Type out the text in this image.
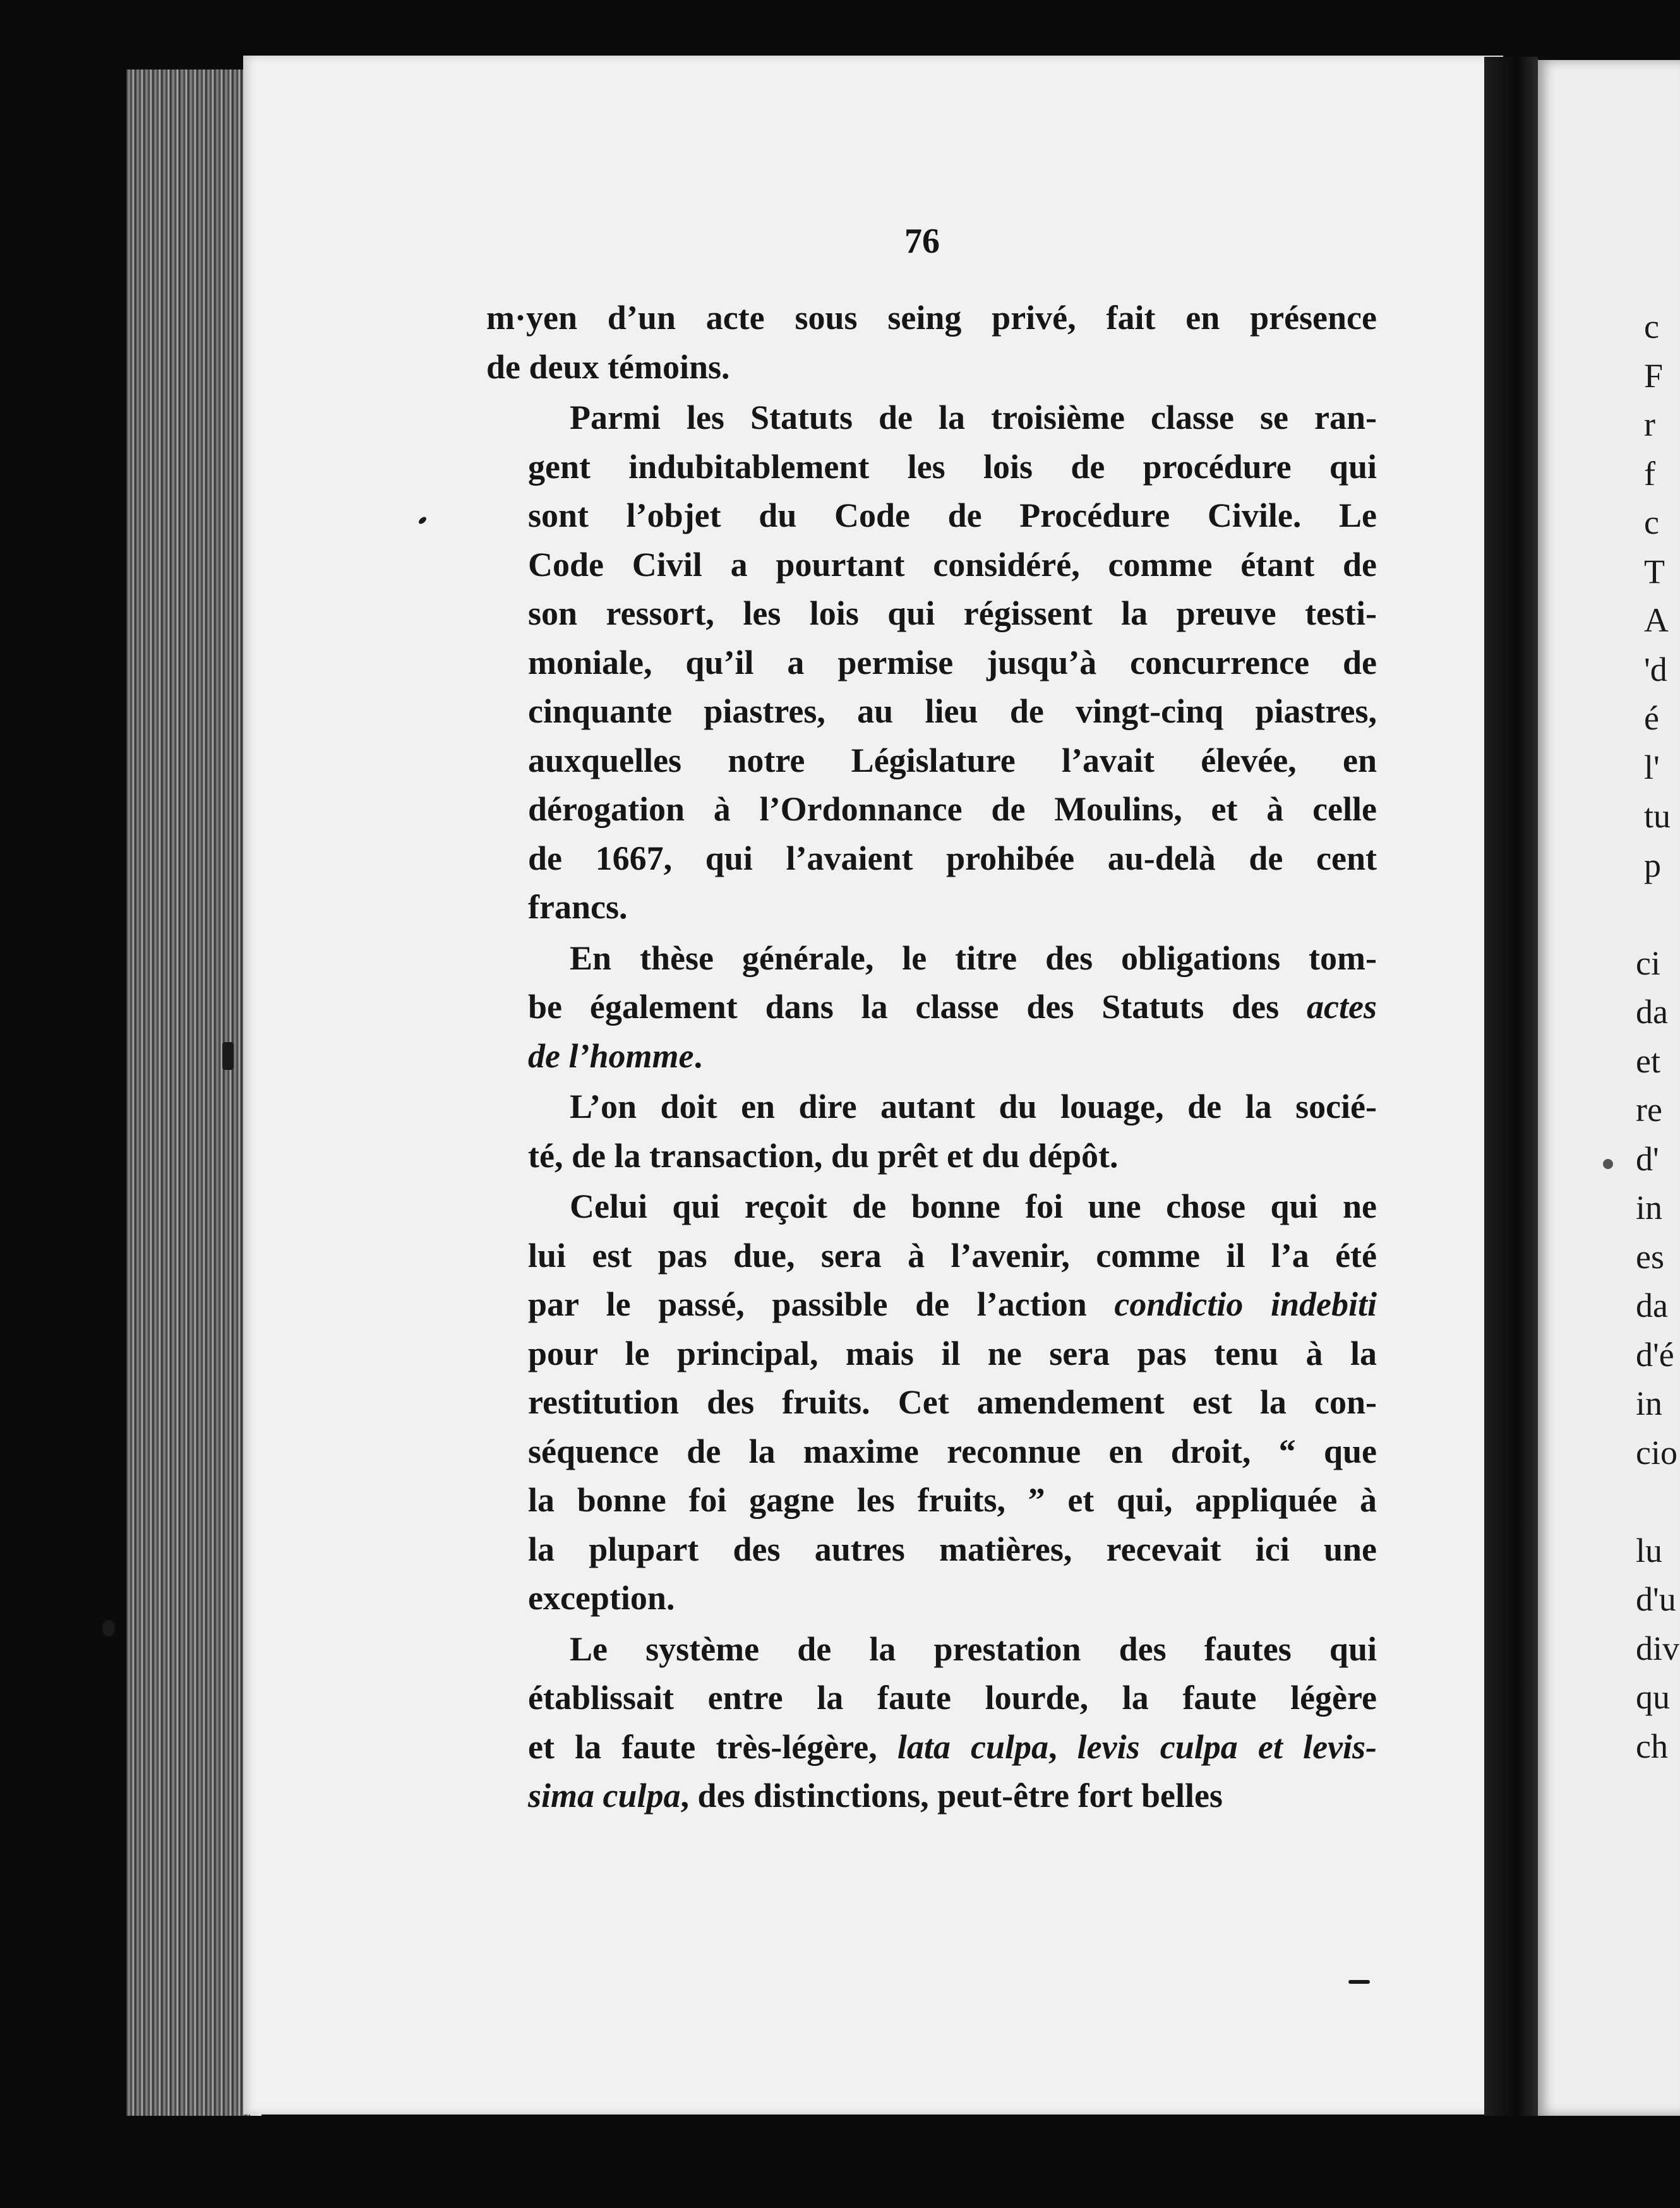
c
F
r
f
c
T
A
'd
é
l'
tu
p
ci
da
et
re
d'
in
es
da
d'é
in
cio
lu
d'u
div
qu
ch
76
m·yen d’un acte sous seing privé, fait en présence
de deux témoins.
Parmi les Statuts de la troisième classe se ran-
gent indubitablement les lois de procédure qui
sont l’objet du Code de Procédure Civile. Le
Code Civil a pourtant considéré, comme étant de
son ressort, les lois qui régissent la preuve testi-
moniale, qu’il a permise jusqu’à concurrence de
cinquante piastres, au lieu de vingt-cinq piastres,
auxquelles notre Législature l’avait élevée, en
dérogation à l’Ordonnance de Moulins, et à celle
de 1667, qui l’avaient prohibée au-delà de cent
francs.
En thèse générale, le titre des obligations tom-
be également dans la classe des Statuts des actes
de l’homme.
L’on doit en dire autant du louage, de la socié-
té, de la transaction, du prêt et du dépôt.
Celui qui reçoit de bonne foi une chose qui ne
lui est pas due, sera à l’avenir, comme il l’a été
par le passé, passible de l’action condictio indebiti
pour le principal, mais il ne sera pas tenu à la
restitution des fruits. Cet amendement est la con-
séquence de la maxime reconnue en droit, “ que
la bonne foi gagne les fruits, ” et qui, appliquée à
la plupart des autres matières, recevait ici une
exception.
Le système de la prestation des fautes qui
établissait entre la faute lourde, la faute légère
et la faute très-légère, lata culpa, levis culpa et levis-
sima culpa, des distinctions, peut-être fort belles
